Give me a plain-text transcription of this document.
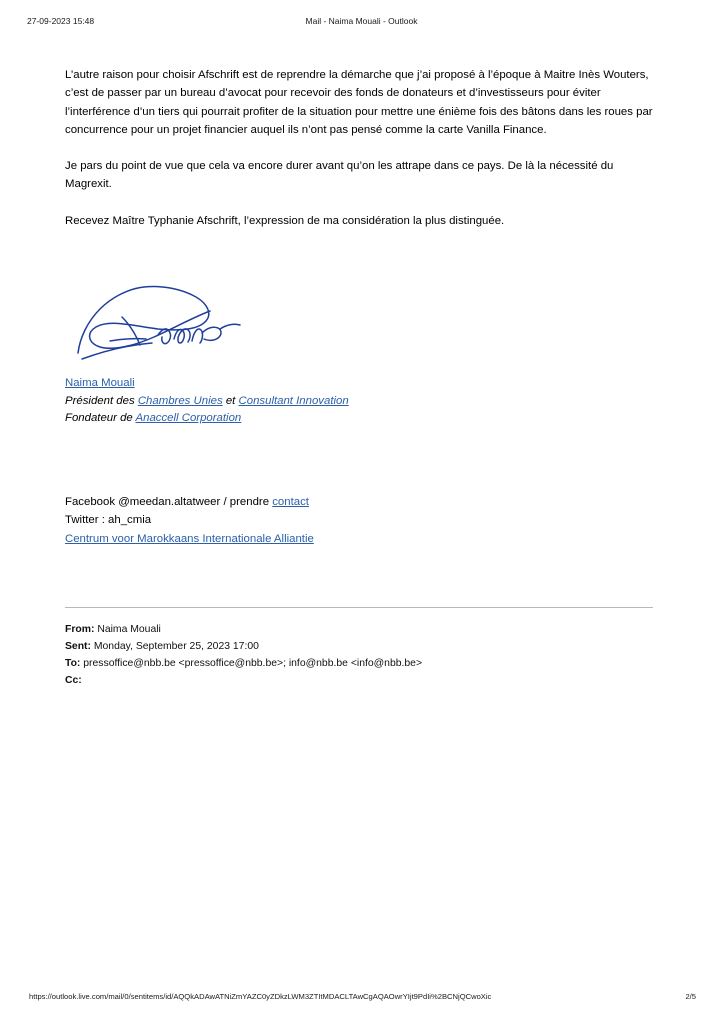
27-09-2023 15:48	Mail - Naima Mouali - Outlook

L’autre raison pour choisir Afschrift est de reprendre la démarche que j’ai proposé à l’époque à Maitre Inès Wouters, c’est de passer par un bureau d’avocat pour recevoir des fonds de donateurs et d’investisseurs pour éviter l’interférence d’un tiers qui pourrait profiter de la situation pour mettre une énième fois des bâtons dans les roues par concurrence pour un projet financier auquel ils n’ont pas pensé comme la carte Vanilla Finance.

Je pars du point de vue que cela va encore durer avant qu’on les attrape dans ce pays. De là la nécessité du Magrexit.

Recevez Maître Typhanie Afschrift, l’expression de ma considération la plus distinguée.

Naima Mouali
Président des Chambres Unies et Consultant Innovation
Fondateur de Anaccell Corporation
Facebook @meedan.altatweer / prendre contact
Twitter : ah_cmia
Centrum voor Marokkaans Internationale Alliantie
From: Naima Mouali
Sent: Monday, September 25, 2023 17:00
To: pressoffice@nbb.be <pressoffice@nbb.be>; info@nbb.be <info@nbb.be>
Cc:
https://outlook.live.com/mail/0/sentitems/id/AQQkADAwATNiZmYAZC0yZDkzLWM3ZTItMDACLTAwCgAQAOwrYIjt9PdIi%2BCNjQCwoXic	2/5
